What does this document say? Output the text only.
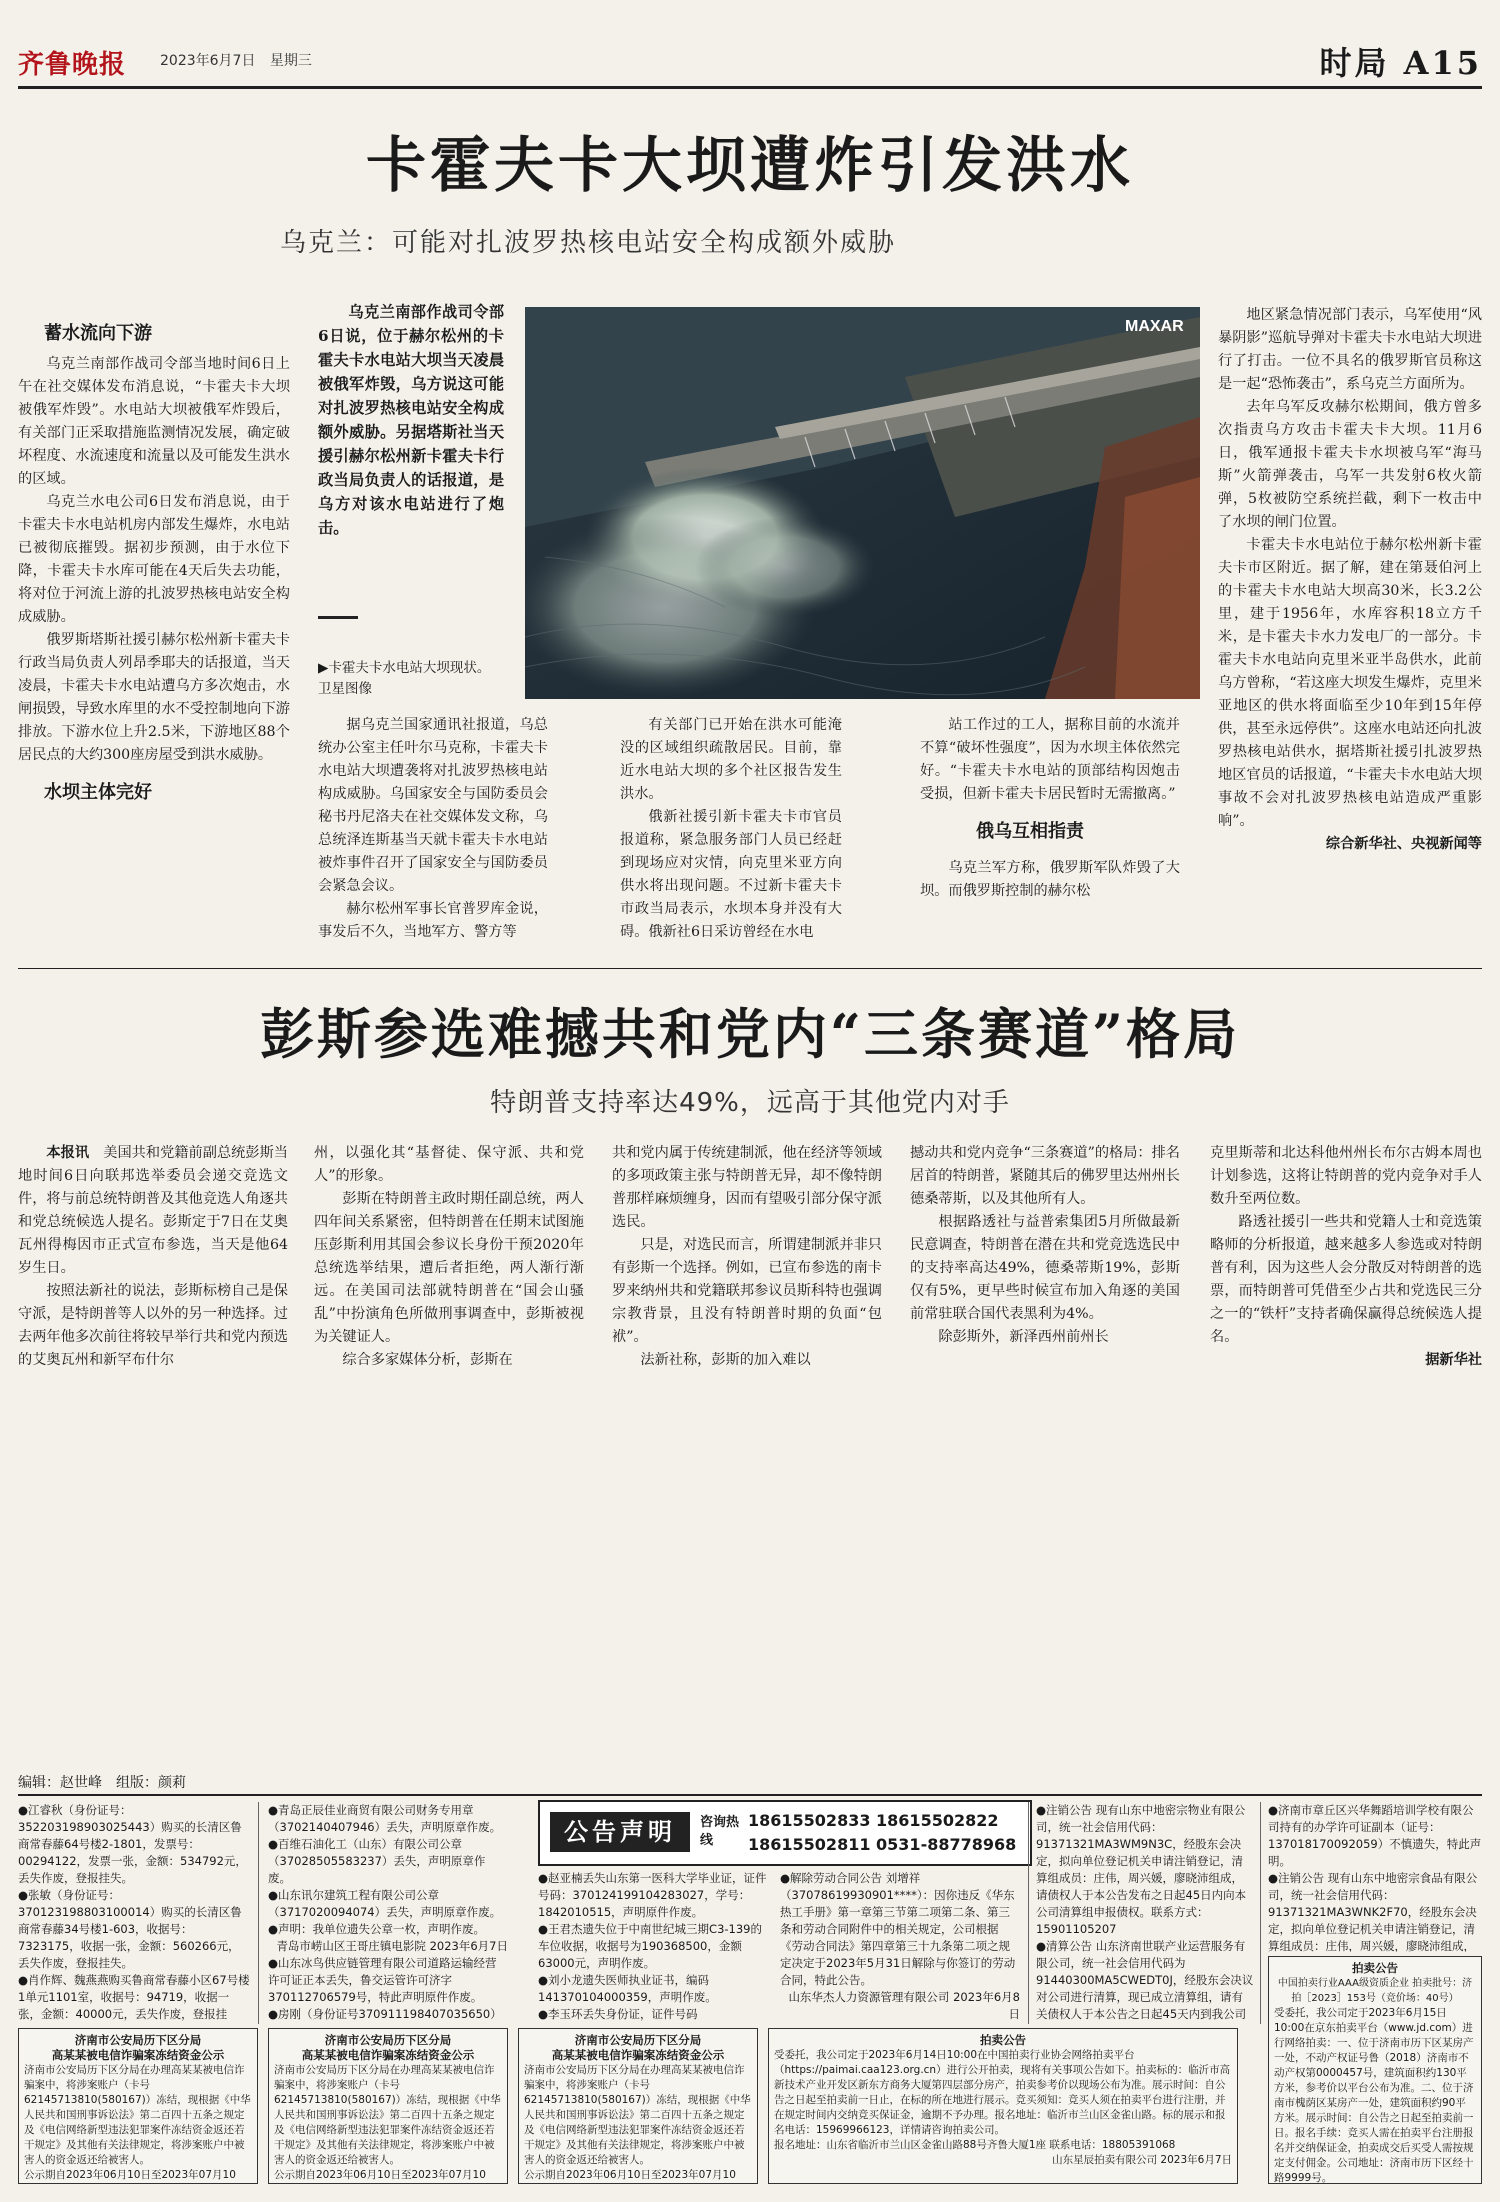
齐鲁晚报 2023年6月7日 星期三	时局 A15
卡霍夫卡大坝遭炸引发洪水
乌克兰：可能对扎波罗热核电站安全构成额外威胁
蓄水流向下游

乌克兰南部作战司令部当地时间6日上午在社交媒体发布消息说，“卡霍夫卡大坝被俄军炸毁”。水电站大坝被俄军炸毁后，有关部门正采取措施监测情况发展，确定破坏程度、水流速度和流量以及可能发生洪水的区域。

乌克兰水电公司6日发布消息说，由于卡霍夫卡水电站机房内部发生爆炸，水电站已被彻底摧毁。据初步预测，由于水位下降，卡霍夫卡水库可能在4天后失去功能，将对位于河流上游的扎波罗热核电站安全构成威胁。

俄罗斯塔斯社援引赫尔松州新卡霍夫卡行政当局负责人列昂季耶夫的话报道，当天凌晨，卡霍夫卡水电站遭乌方多次炮击，水闸损毁，导致水库里的水不受控制地向下游排放。下游水位上升2.5米，下游地区88个居民点的大约300座房屋受到洪水威胁。

水坝主体完好

乌克兰南部作战司令部6日说，位于赫尔松州的卡霍夫卡水电站大坝当天凌晨被俄军炸毁，乌方说这可能对扎波罗热核电站安全构成额外威胁。另据塔斯社当天援引赫尔松州新卡霍夫卡行政当局负责人的话报道，是乌方对该水电站进行了炮击。

▶卡霍夫卡水电站大坝现状。 卫星图像
MAXAR

据乌克兰国家通讯社报道，乌总统办公室主任叶尔马克称，卡霍夫卡水电站大坝遭袭将对扎波罗热核电站构成威胁。乌国家安全与国防委员会秘书丹尼洛夫在社交媒体发文称，乌总统泽连斯基当天就卡霍夫卡水电站被炸事件召开了国家安全与国防委员会紧急会议。

赫尔松州军事长官普罗库金说，事发后不久，当地军方、警方等

有关部门已开始在洪水可能淹没的区域组织疏散居民。目前，靠近水电站大坝的多个社区报告发生洪水。

俄新社援引新卡霍夫卡市官员报道称，紧急服务部门人员已经赶到现场应对灾情，向克里米亚方向供水将出现问题。不过新卡霍夫卡市政当局表示，水坝本身并没有大碍。俄新社6日采访曾经在水电

站工作过的工人，据称目前的水流并不算“破坏性强度”，因为水坝主体依然完好。“卡霍夫卡水电站的顶部结构因炮击受损，但新卡霍夫卡居民暂时无需撤离。”

俄乌互相指责

乌克兰军方称，俄罗斯军队炸毁了大坝。而俄罗斯控制的赫尔松

地区紧急情况部门表示，乌军使用“风暴阴影”巡航导弹对卡霍夫卡水电站大坝进行了打击。一位不具名的俄罗斯官员称这是一起“恐怖袭击”，系乌克兰方面所为。

去年乌军反攻赫尔松期间，俄方曾多次指责乌方攻击卡霍夫卡大坝。11月6日，俄军通报卡霍夫卡水坝被乌军“海马斯”火箭弹袭击，乌军一共发射6枚火箭弹，5枚被防空系统拦截，剩下一枚击中了水坝的闸门位置。

卡霍夫卡水电站位于赫尔松州新卡霍夫卡市区附近。据了解，建在第聂伯河上的卡霍夫卡水电站大坝高30米，长3.2公里，建于1956年，水库容积18立方千米，是卡霍夫卡水力发电厂的一部分。卡霍夫卡水电站向克里米亚半岛供水，此前乌方曾称，“若这座大坝发生爆炸，克里米亚地区的供水将面临至少10年到15年停供，甚至永远停供”。这座水电站还向扎波罗热核电站供水，据塔斯社援引扎波罗热地区官员的话报道，“卡霍夫卡水电站大坝事故不会对扎波罗热核电站造成严重影响”。

综合新华社、央视新闻等

彭斯参选难撼共和党内“三条赛道”格局
特朗普支持率达49%，远高于其他党内对手

本报讯　 美国共和党籍前副总统彭斯当地时间6日向联邦选举委员会递交竞选文件，将与前总统特朗普及其他竞选人角逐共和党总统候选人提名。彭斯定于7日在艾奥瓦州得梅因市正式宣布参选，当天是他64岁生日。

按照法新社的说法，彭斯标榜自己是保守派，是特朗普等人以外的另一种选择。过去两年他多次前往将较早举行共和党内预选的艾奥瓦州和新罕布什尔

州，以强化其“基督徒、保守派、共和党人”的形象。

彭斯在特朗普主政时期任副总统，两人四年间关系紧密，但特朗普在任期末试图施压彭斯利用其国会参议长身份干预2020年总统选举结果，遭后者拒绝，两人渐行渐远。在美国司法部就特朗普在“国会山骚乱”中扮演角色所做刑事调查中，彭斯被视为关键证人。

综合多家媒体分析，彭斯在

共和党内属于传统建制派，他在经济等领域的多项政策主张与特朗普无异，却不像特朗普那样麻烦缠身，因而有望吸引部分保守派选民。

只是，对选民而言，所谓建制派并非只有彭斯一个选择。例如，已宣布参选的南卡罗来纳州共和党籍联邦参议员斯科特也强调宗教背景，且没有特朗普时期的负面“包袱”。

法新社称，彭斯的加入难以

撼动共和党内竞争“三条赛道”的格局：排名居首的特朗普，紧随其后的佛罗里达州州长德桑蒂斯，以及其他所有人。

根据路透社与益普索集团5月所做最新民意调查，特朗普在潜在共和党竞选选民中的支持率高达49%，德桑蒂斯19%，彭斯仅有5%，更早些时候宣布加入角逐的美国前常驻联合国代表黑利为4%。

除彭斯外，新泽西州前州长

克里斯蒂和北达科他州州长布尔古姆本周也计划参选，这将让特朗普的党内竞争对手人数升至两位数。

路透社援引一些共和党籍人士和竞选策略师的分析报道，越来越多人参选或对特朗普有利，因为这些人会分散反对特朗普的选票，而特朗普可凭借至少占共和党选民三分之一的“铁杆”支持者确保赢得总统候选人提名。

据新华社

编辑：赵世峰　组版：颜莉

●江睿秋（身份证号：352203198903025443）购买的长清区鲁商常春藤64号楼2-1801，发票号：00294122，发票一张，金额：534792元，丢失作废，登报挂失。

●张敏（身份证号：370123198803100014）购买的长清区鲁商常春藤34号楼1-603，收据号：7323175，收据一张，金额：560266元，丢失作废，登报挂失。

●肖作辉、魏燕燕购买鲁商常春藤小区67号楼1单元1101室，收据号：94719，收据一张，金额：40000元，丢失作废，登报挂

●青岛正辰佳业商贸有限公司财务专用章（3702140407946）丢失，声明原章作废。

●百维石油化工（山东）有限公司公章（37028505583237）丢失，声明原章作废。

●山东讯尔建筑工程有限公司公章（3717020094074）丢失，声明原章作废。

●声明：我单位遗失公章一枚，声明作废。

青岛市崂山区王哥庄镇电影院 2023年6月7日

●山东冰鸟供应链管理有限公司道路运输经营许可证正本丢失，鲁交运管许可济字370112706579号，特此声明原件作废。

●房刚（身份证号370911198407035650）

公告声明	咨询热线
18615502833 18615502822
18615502811 0531-88778968

●赵亚楠丢失山东第一医科大学毕业证，证件号码：370124199104283027，学号：1842010515，声明原件作废。

●王君杰遗失位于中南世纪城三期C3-139的车位收据，收据号为190368500，金额63000元，声明作废。

●刘小龙遗失医师执业证书，编码141370104000359，声明作废。

●李玉环丢失身份证，证件号码

●解除劳动合同公告 刘增祥（37078619930901****）：因你违反《华东热工手册》第一章第三节第二项第二条、第三条和劳动合同附件中的相关规定，公司根据《劳动合同法》第四章第三十九条第二项之规定决定于2023年5月31日解除与你签订的劳动合同，特此公告。

山东华杰人力资源管理有限公司 2023年6月8日

●注销公告 现有山东中地密宗物业有限公司，统一社会信用代码：91371321MA3WM9N3C，经股东会决定，拟向单位登记机关申请注销登记，清算组成员：庄伟，周兴媛，廖晓沛组成，请债权人于本公告发布之日起45日内向本公司清算组申报债权。联系方式：15901105207

●清算公告 山东济南世联产业运营服务有限公司，统一社会信用代码为91440300MA5CWEDT0J，经股东会决议对公司进行清算，现已成立清算组，请有关债权人于本公告之日起45天内到我公司

●济南市章丘区兴华舞蹈培训学校有限公司持有的办学许可证副本（证号：137018170092059）不慎遗失，特此声明。

●注销公告 现有山东中地密宗食品有限公司，统一社会信用代码：91371321MA3WNK2F70，经股东会决定，拟向单位登记机关申请注销登记，清算组成员：庄伟，周兴媛，廖晓沛组成，

济南市公安局历下区分局
高某某被电信诈骗案冻结资金公示
济南市公安局历下区分局在办理高某某被电信诈骗案中，将涉案账户（卡号62145713810(580167)）冻结，现根据《中华人民共和国刑事诉讼法》第二百四十五条之规定及《电信网络新型违法犯罪案件冻结资金返还若干规定》及其他有关法律规定，将涉案账户中被害人的资金返还给被害人。
公示期自2023年06月10日至2023年07月10
济南市公安局历下区分局
高某某被电信诈骗案冻结资金公示
济南市公安局历下区分局在办理高某某被电信诈骗案中，将涉案账户（卡号62145713810(580167)）冻结，现根据《中华人民共和国刑事诉讼法》第二百四十五条之规定及《电信网络新型违法犯罪案件冻结资金返还若干规定》及其他有关法律规定，将涉案账户中被害人的资金返还给被害人。
公示期自2023年06月10日至2023年07月10
济南市公安局历下区分局
高某某被电信诈骗案冻结资金公示
济南市公安局历下区分局在办理高某某被电信诈骗案中，将涉案账户（卡号62145713810(580167)）冻结，现根据《中华人民共和国刑事诉讼法》第二百四十五条之规定及《电信网络新型违法犯罪案件冻结资金返还若干规定》及其他有关法律规定，将涉案账户中被害人的资金返还给被害人。
公示期自2023年06月10日至2023年07月10
拍卖公告
受委托，我公司定于2023年6月14日10:00在中国拍卖行业协会网络拍卖平台（https://paimai.caa123.org.cn）进行公开拍卖，现将有关事项公告如下。拍卖标的：临沂市高新技术产业开发区新东方商务大厦第四层部分房产，拍卖参考价以现场公布为准。展示时间：自公告之日起至拍卖前一日止，在标的所在地进行展示。竞买须知：竞买人须在拍卖平台进行注册，并在规定时间内交纳竞买保证金，逾期不予办理。报名地址：临沂市兰山区金雀山路。标的展示和报名电话：15969966123，详情请咨询拍卖公司。
报名地址：山东省临沂市兰山区金雀山路88号齐鲁大厦1座 联系电话：18805391068
山东星辰拍卖有限公司 2023年6月7日
拍卖公告
中国拍卖行业AAA级资质企业 拍卖批号：济拍［2023］153号（竞价场：40号）
受委托，我公司定于2023年6月15日10:00在京东拍卖平台（www.jd.com）进行网络拍卖：一、位于济南市历下区某房产一处，不动产权证号鲁（2018）济南市不动产权第0000457号，建筑面积约130平方米，参考价以平台公布为准。二、位于济南市槐荫区某房产一处，建筑面积约90平方米。展示时间：自公告之日起至拍卖前一日。报名手续：竞买人需在拍卖平台注册报名并交纳保证金，拍卖成交后买受人需按规定支付佣金。公司地址：济南市历下区经十路9999号。
